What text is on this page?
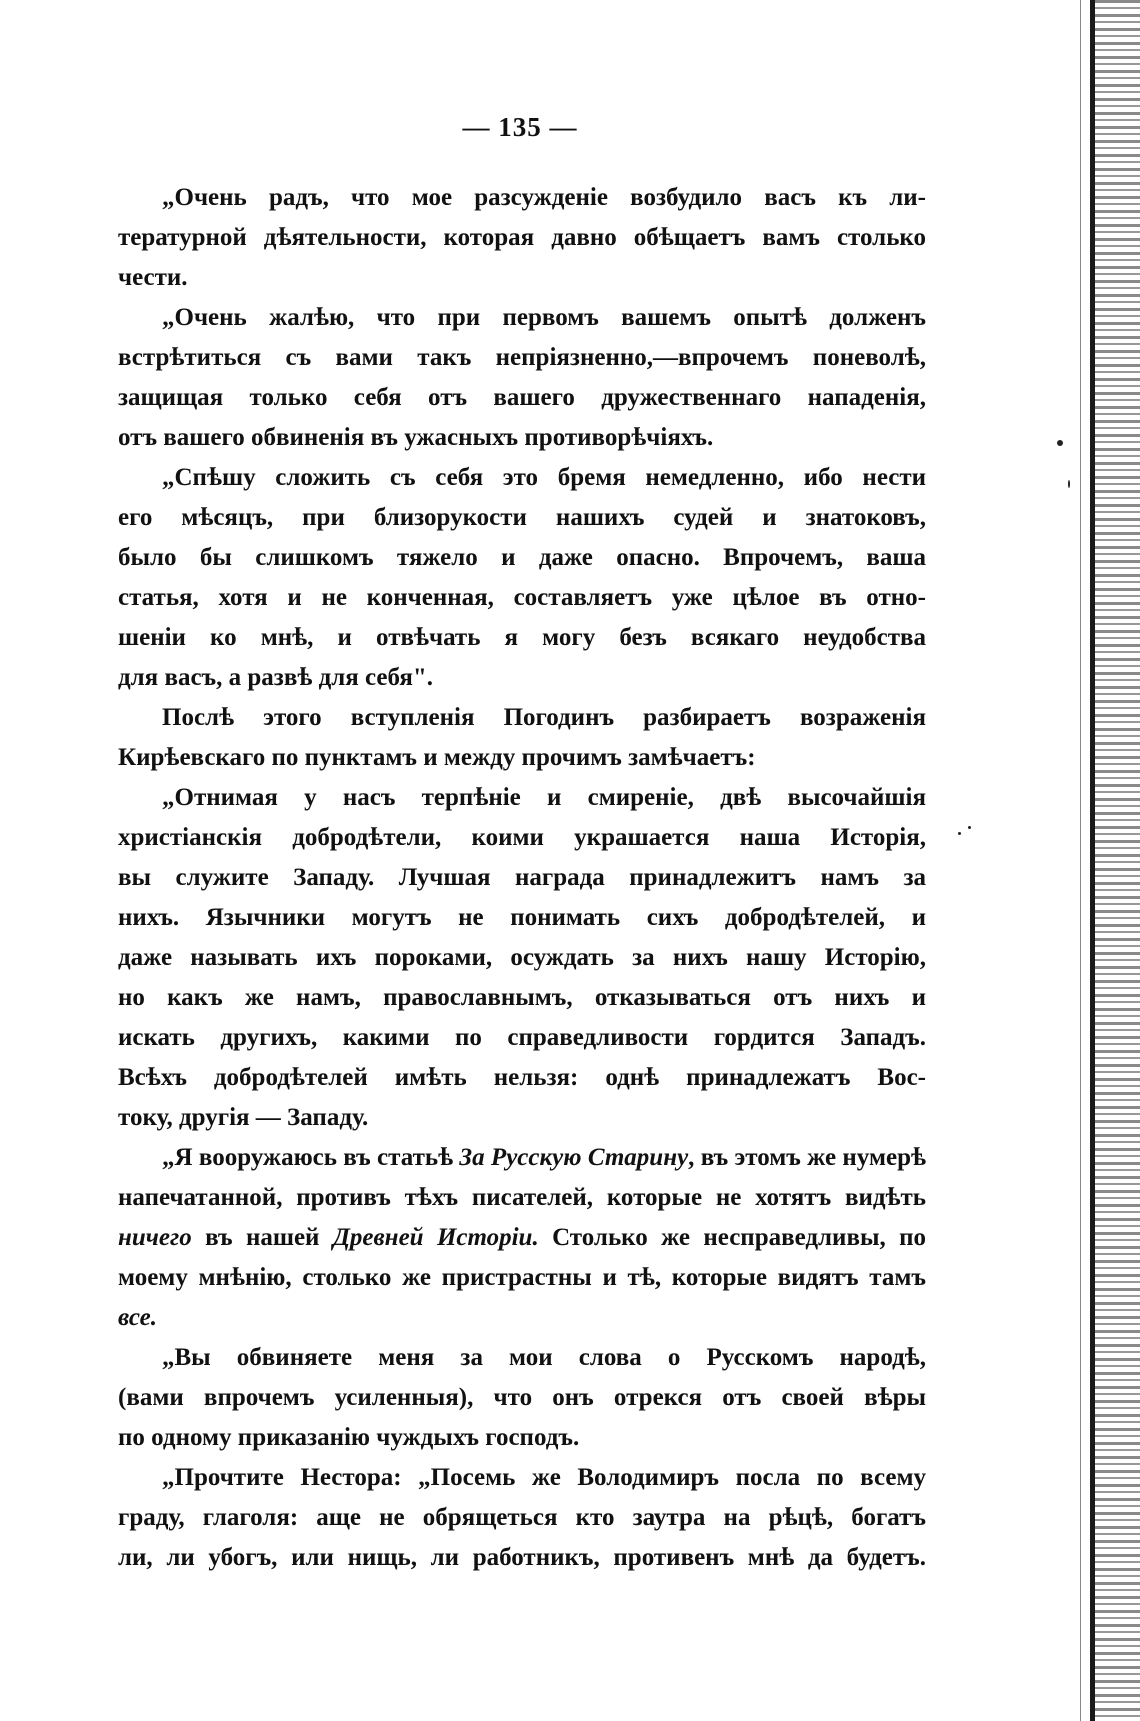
— 135 —

„Очень радъ, что мое разсужденіе возбудило васъ къ ли-
тературной дѣятельности, которая давно обѣщаетъ вамъ столько
чести.

„Очень жалѣю, что при первомъ вашемъ опытѣ долженъ
встрѣтиться съ вами такъ непріязненно,—впрочемъ поневолѣ,
защищая только себя отъ вашего дружественнаго нападенія,
отъ вашего обвиненія въ ужасныхъ противорѣчіяхъ.

„Спѣшу сложить съ себя это бремя немедленно, ибо нести
его мѣсяцъ, при близорукости нашихъ судей и знатоковъ,
было бы слишкомъ тяжело и даже опасно. Впрочемъ, ваша
статья, хотя и не конченная, составляетъ уже цѣлое въ отно-
шеніи ко мнѣ, и отвѣчать я могу безъ всякаго неудобства
для васъ, а развѣ для себя".

Послѣ этого вступленія Погодинъ разбираетъ возраженія
Кирѣевскаго по пунктамъ и между прочимъ замѣчаетъ:

„Отнимая у насъ терпѣніе и смиреніе, двѣ высочайшія
христіанскія добродѣтели, коими украшается наша Исторія,
вы служите Западу. Лучшая награда принадлежитъ намъ за
нихъ. Язычники могутъ не понимать сихъ добродѣтелей, и
даже называть ихъ пороками, осуждать за нихъ нашу Исторію,
но какъ же намъ, православнымъ, отказываться отъ нихъ и
искать другихъ, какими по справедливости гордится Западъ.
Всѣхъ добродѣтелей имѣть нельзя: однѣ принадлежатъ Вос-
току, другія — Западу.

„Я вооружаюсь въ статьѣ За Русскую Старину, въ этомъ же нумерѣ напечатанной, противъ тѣхъ писателей, которые не хотятъ видѣть ничего въ нашей Древней Исторіи. Столько же несправедливы, по моему мнѣнію, столько же пристрастны и тѣ, которые видятъ тамъ все.

„Вы обвиняете меня за мои слова о Русскомъ народѣ,
(вами впрочемъ усиленныя), что онъ отрекся отъ своей вѣры
по одному приказанію чуждыхъ господъ.

„Прочтите Нестора: „Посемь же Володимиръ посла по всему
граду, глаголя: аще не обрящеться кто заутра на рѣцѣ, богатъ
ли, ли убогъ, или нищь, ли работникъ, противенъ мнѣ да будетъ.
